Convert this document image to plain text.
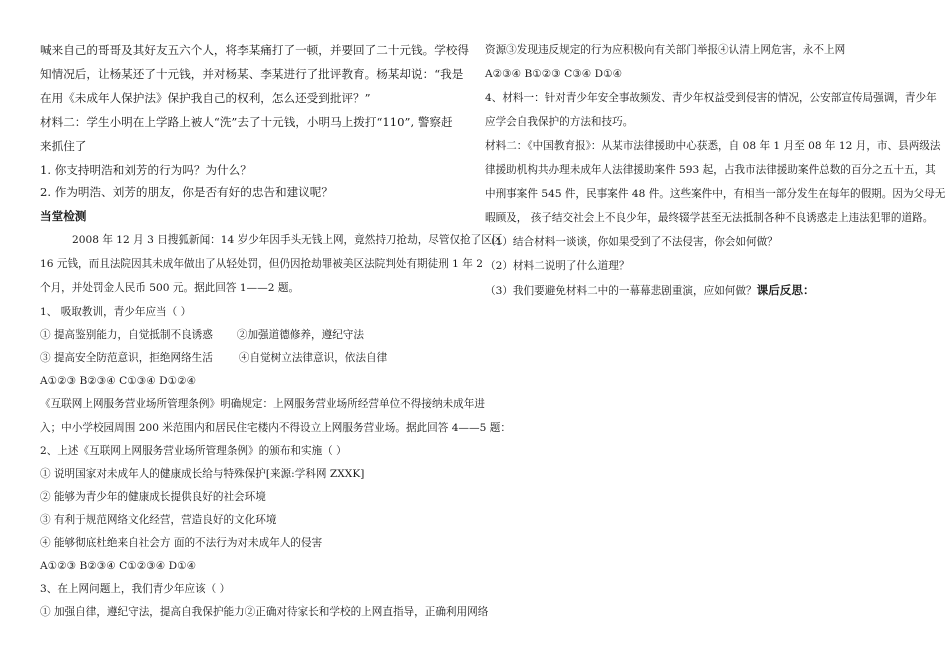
喊来自己的哥哥及其好友五六个人，将李某痛打了一顿，并要回了二十元钱。学校得
知情况后，让杨某还了十元钱，并对杨某、李某进行了批评教育。杨某却说：“我是
在用《未成年人保护法》保护我自己的权利，怎么还受到批评？”
材料二：学生小明在上学路上被人“洗”去了十元钱，小明马上拨打“110”, 警察赶
来抓住了
1. 你支持明浩和刘芳的行为吗？为什么？
2. 作为明浩、刘芳的朋友，你是否有好的忠告和建议呢？
当堂检测
2008 年 12 月 3 日搜狐新闻：14 岁少年因手头无钱上网，竟然持刀抢劫，尽管仅抢了区区
16 元钱，而且法院因其未成年做出了从轻处罚，但仍因抢劫罪被美区法院判处有期徒刑 1 年 2
个月，并处罚金人民币 500 元。据此回答 1——2 题。
1、 吸取教训，青少年应当（ ）
① 提高鉴别能力，自觉抵制不良诱惑 ②加强道德修养，遵纪守法
③ 提高安全防范意识，拒绝网络生活 ④自觉树立法律意识，依法自律
A①②③ B②③④ C①③④ D①②④
《互联网上网服务营业场所管理条例》明确规定：上网服务营业场所经营单位不得接纳未成年进
入；中小学校园周围 200 米范围内和居民住宅楼内不得设立上网服务营业场。据此回答 4——5 题：
2、上述《互联网上网服务营业场所管理条例》的颁布和实施（ ）
① 说明国家对未成年人的健康成长给与特殊保护[来源:学科网 ZXXK]
② 能够为青少年的健康成长提供良好的社会环境
③ 有利于规范网络文化经营，营造良好的文化环境
④ 能够彻底杜绝来自社会方 面的不法行为对未成年人的侵害
A①②③ B②③④ C①②③④ D①④
3、在上网问题上，我们青少年应该（ ）
① 加强自律，遵纪守法，提高自我保护能力②正确对待家长和学校的上网直指导，正确利用网络
资源③发现违反规定的行为应积极向有关部门举报④认清上网危害，永不上网
A②③④ B①②③ C③④ D①④
4、材料一：针对青少年安全事故频发、青少年权益受到侵害的情况，公安部宣传局强调，青少年
应学会自我保护的方法和技巧。
材料二：《中国教育报》：从某市法律援助中心获悉，自 08 年 1 月至 08 年 12 月，市、县两级法
律援助机构共办理未成年人法律援助案件 593 起，占我市法律援助案件总数的百分之五十五，其
中刑事案件 545 件，民事案件 48 件。这些案件中，有相当一部分发生在每年的假期。因为父母无
暇顾及， 孩子结交社会上不良少年，最终辍学甚至无法抵制各种不良诱惑走上违法犯罪的道路。
（1）结合材料一谈谈，你如果受到了不法侵害，你会如何做？
（2）材料二说明了什么道理？
（3）我们要避免材料二中的一幕幕悲剧重演，应如何做？课后反思：
